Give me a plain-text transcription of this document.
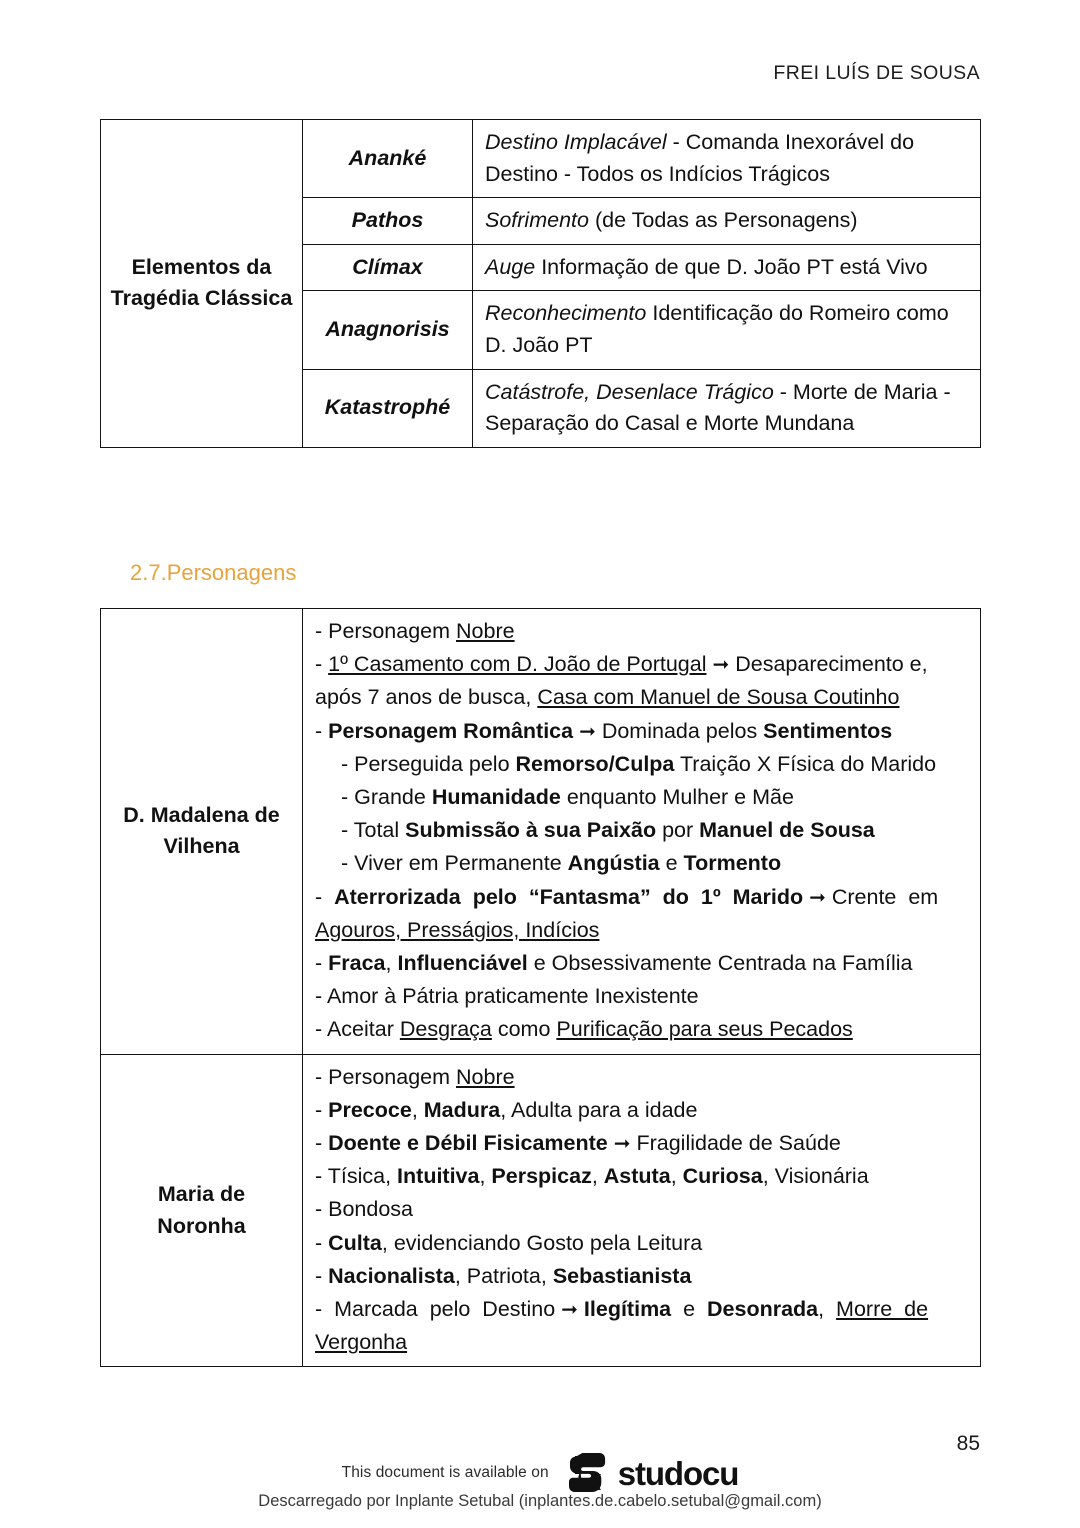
FREI LUÍS DE SOUSA
Elementos da
Tragédia Clássica	Ananké	Destino Implacável - Comanda Inexorável do Destino - Todos os Indícios Trágicos
	Pathos	Sofrimento (de Todas as Personagens)
	Clímax	Auge Informação de que D. João PT está Vivo
	Anagnorisis	Reconhecimento Identificação do Romeiro como D. João PT
	Katastrophé	Catástrofe, Desenlace Trágico - Morte de Maria - Separação do Casal e Morte Mundana
2.7.Personagens
D. Madalena de
Vilhena

- Personagem Nobre
- 1º Casamento com D. João de Portugal ➞ Desaparecimento e, após 7 anos de busca, Casa com Manuel de Sousa Coutinho
- Personagem Romântica ➞ Dominada pelos Sentimentos
- Perseguida pelo Remorso/Culpa Traição X Física do Marido
- Grande Humanidade enquanto Mulher e Mãe
- Total Submissão à sua Paixão por Manuel de Sousa
- Viver em Permanente Angústia e Tormento
-  Aterrorizada  pelo  “Fantasma”  do  1º  Marido ➞ Crente  em
Agouros, Presságios, Indícios
- Fraca, Influenciável e Obsessivamente Centrada na Família
- Amor à Pátria praticamente Inexistente
- Aceitar Desgraça como Purificação para seus Pecados

Maria de
Noronha

- Personagem Nobre
- Precoce, Madura, Adulta para a idade
- Doente e Débil Fisicamente ➞ Fragilidade de Saúde
- Tísica, Intuitiva, Perspicaz, Astuta, Curiosa, Visionária
- Bondosa
- Culta, evidenciando Gosto pela Leitura
- Nacionalista, Patriota, Sebastianista
-  Marcada  pelo  Destino ➞ Ilegítima  e  Desonrada,  Morre  de
Vergonha
85
This document is available on studocu
Descarregado por Inplante Setubal (inplantes.de.cabelo.setubal@gmail.com)
